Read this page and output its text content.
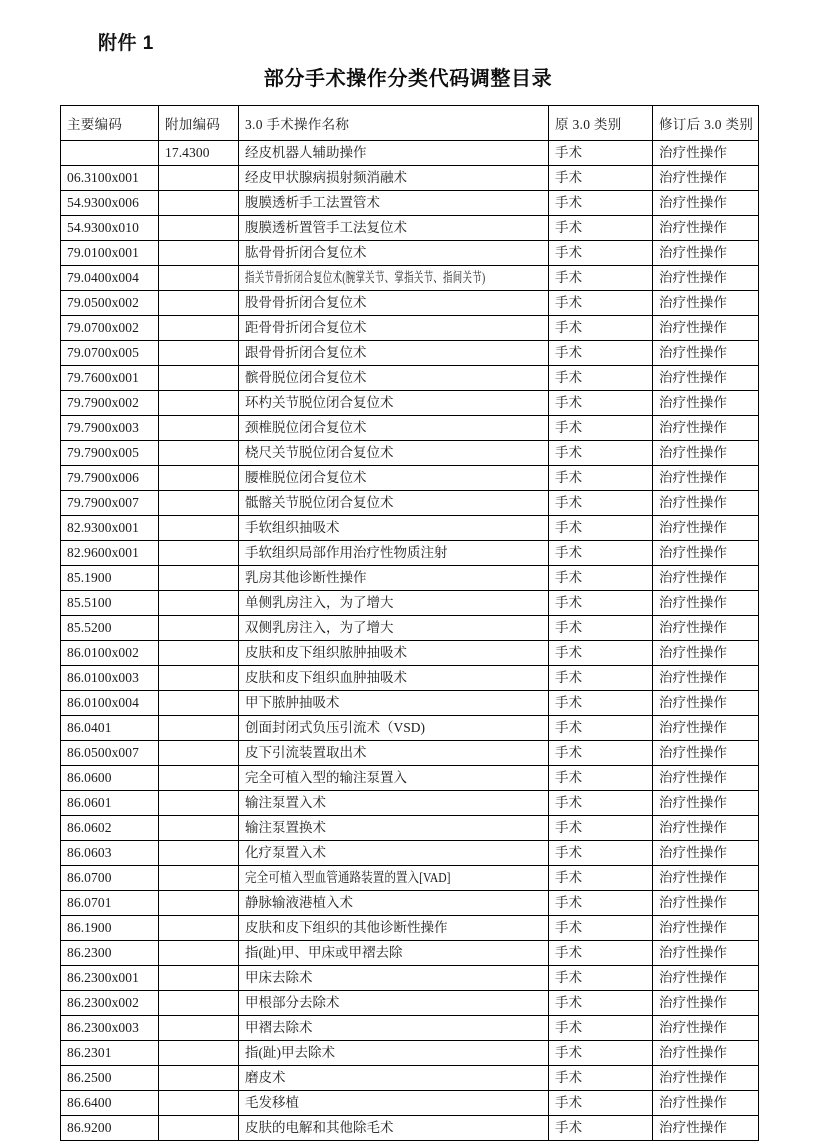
附件 1
部分手术操作分类代码调整目录
主要编码	附加编码	3.0 手术操作名称	原 3.0 类别	修订后 3.0 类别
	17.4300	经皮机器人辅助操作	手术	治疗性操作
06.3100x001		经皮甲状腺病损射频消融术	手术	治疗性操作
54.9300x006		腹膜透析手工法置管术	手术	治疗性操作
54.9300x010		腹膜透析置管手工法复位术	手术	治疗性操作
79.0100x001		肱骨骨折闭合复位术	手术	治疗性操作
79.0400x004		指关节骨折闭合复位术(腕掌关节、掌指关节、指间关节)	手术	治疗性操作
79.0500x002		股骨骨折闭合复位术	手术	治疗性操作
79.0700x002		距骨骨折闭合复位术	手术	治疗性操作
79.0700x005		跟骨骨折闭合复位术	手术	治疗性操作
79.7600x001		髌骨脱位闭合复位术	手术	治疗性操作
79.7900x002		环杓关节脱位闭合复位术	手术	治疗性操作
79.7900x003		颈椎脱位闭合复位术	手术	治疗性操作
79.7900x005		桡尺关节脱位闭合复位术	手术	治疗性操作
79.7900x006		腰椎脱位闭合复位术	手术	治疗性操作
79.7900x007		骶髂关节脱位闭合复位术	手术	治疗性操作
82.9300x001		手软组织抽吸术	手术	治疗性操作
82.9600x001		手软组织局部作用治疗性物质注射	手术	治疗性操作
85.1900		乳房其他诊断性操作	手术	治疗性操作
85.5100		单侧乳房注入，为了增大	手术	治疗性操作
85.5200		双侧乳房注入，为了增大	手术	治疗性操作
86.0100x002		皮肤和皮下组织脓肿抽吸术	手术	治疗性操作
86.0100x003		皮肤和皮下组织血肿抽吸术	手术	治疗性操作
86.0100x004		甲下脓肿抽吸术	手术	治疗性操作
86.0401		创面封闭式负压引流术（VSD)	手术	治疗性操作
86.0500x007		皮下引流装置取出术	手术	治疗性操作
86.0600		完全可植入型的输注泵置入	手术	治疗性操作
86.0601		输注泵置入术	手术	治疗性操作
86.0602		输注泵置换术	手术	治疗性操作
86.0603		化疗泵置入术	手术	治疗性操作
86.0700		完全可植入型血管通路装置的置入[VAD]	手术	治疗性操作
86.0701		静脉输液港植入术	手术	治疗性操作
86.1900		皮肤和皮下组织的其他诊断性操作	手术	治疗性操作
86.2300		指(趾)甲、甲床或甲褶去除	手术	治疗性操作
86.2300x001		甲床去除术	手术	治疗性操作
86.2300x002		甲根部分去除术	手术	治疗性操作
86.2300x003		甲褶去除术	手术	治疗性操作
86.2301		指(趾)甲去除术	手术	治疗性操作
86.2500		磨皮术	手术	治疗性操作
86.6400		毛发移植	手术	治疗性操作
86.9200		皮肤的电解和其他除毛术	手术	治疗性操作
